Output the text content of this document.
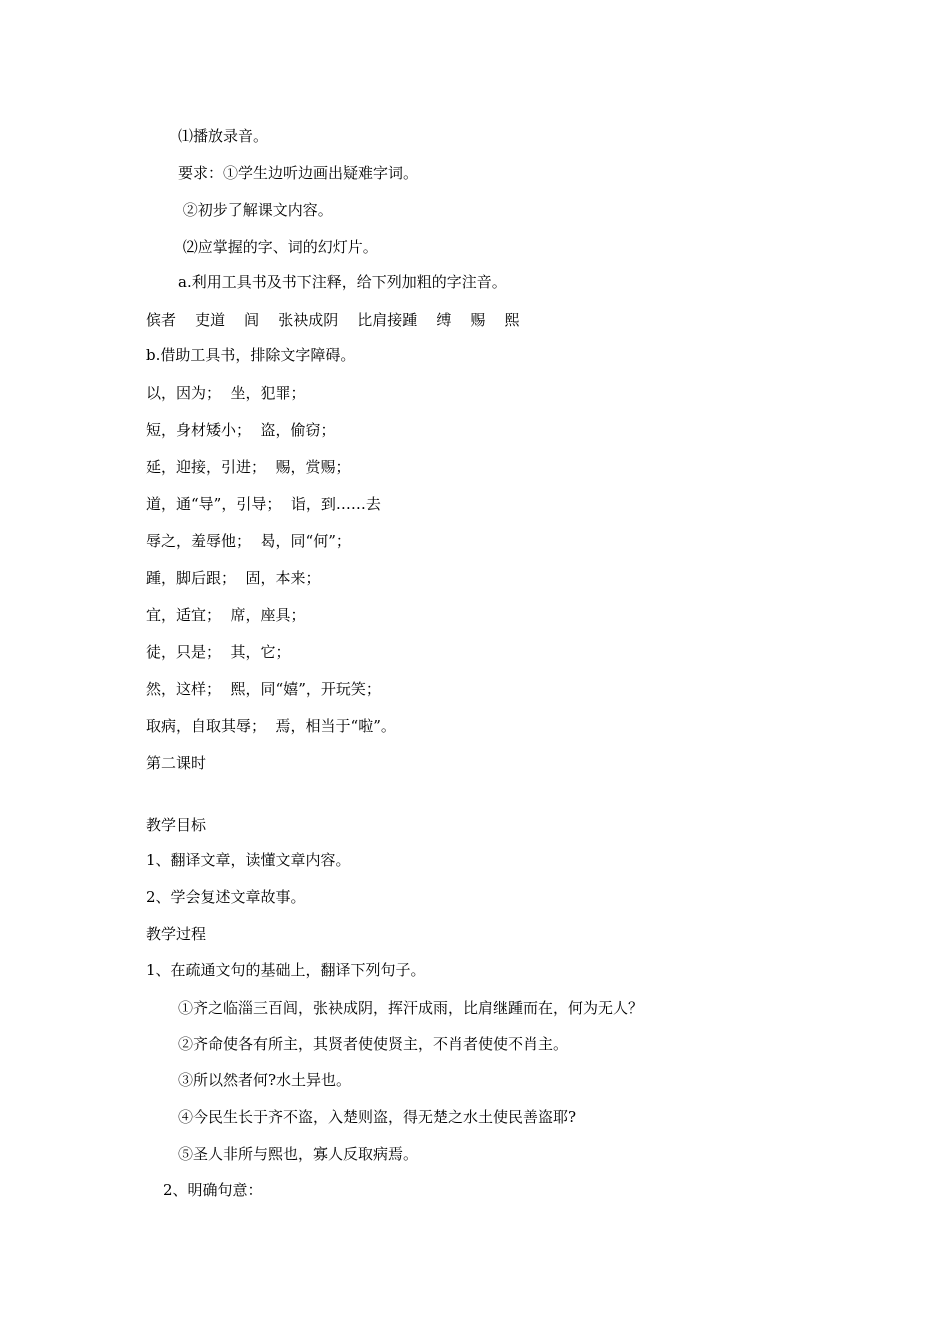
⑴播放录音。
要求：①学生边听边画出疑难字词。
②初步了解课文内容。
⑵应掌握的字、词的幻灯片。
a.利用工具书及书下注释，给下列加粗的字注音。
傧者    吏道    闾    张袂成阴    比肩接踵    缚    赐    熙
b.借助工具书，排除文字障碍。
以，因为；  坐，犯罪；
短，身材矮小；  盗，偷窃；
延，迎接，引进；  赐，赏赐；
道，通“导”，引导；  诣，到……去
辱之，羞辱他；  曷，同“何”；
踵，脚后跟；  固，本来；
宜，适宜；  席，座具；
徒，只是；  其，它；
然，这样；  熙，同“嬉”，开玩笑；
取病，自取其辱；  焉，相当于“啦”。
第二课时
教学目标
1、翻译文章，读懂文章内容。
2、学会复述文章故事。
教学过程
1、在疏通文句的基础上，翻译下列句子。
①齐之临淄三百闾，张袂成阴，挥汗成雨，比肩继踵而在，何为无人？
②齐命使各有所主，其贤者使使贤主，不肖者使使不肖主。
③所以然者何?水土异也。
④今民生长于齐不盗，入楚则盗，得无楚之水土使民善盗耶?
⑤圣人非所与熙也，寡人反取病焉。
2、明确句意：
